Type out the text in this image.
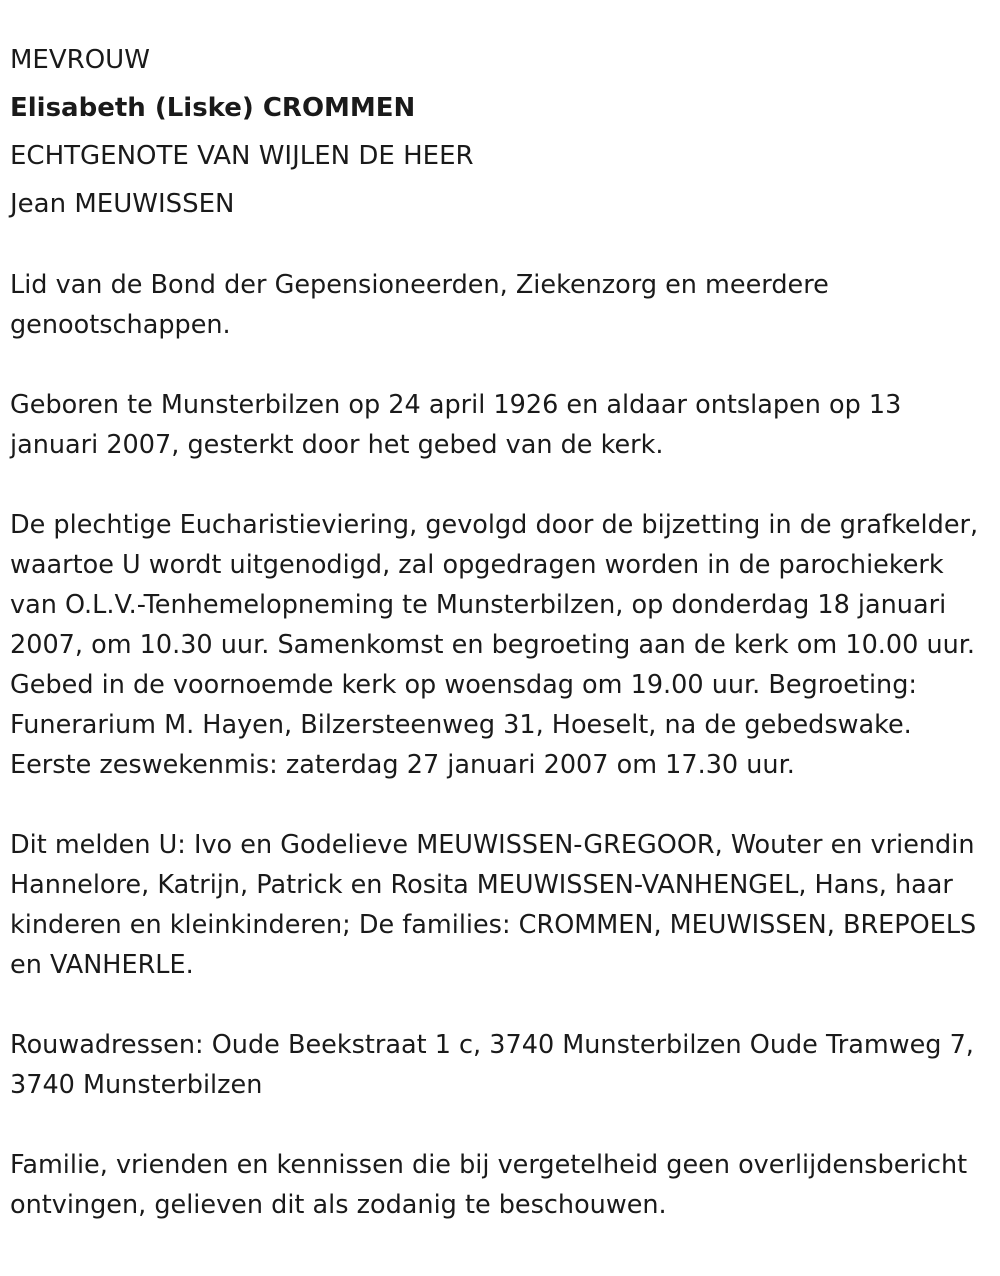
MEVROUW

Elisabeth (Liske) CROMMEN

ECHTGENOTE VAN WIJLEN DE HEER

Jean MEUWISSEN

Lid van de Bond der Gepensioneerden, Ziekenzorg en meerdere genootschappen.

Geboren te Munsterbilzen op 24 april 1926 en aldaar ontslapen op 13 januari 2007, gesterkt door het gebed van de kerk.

De plechtige Eucharistieviering, gevolgd door de bijzetting in de grafkelder, waartoe U wordt uitgenodigd, zal opgedragen worden in de parochiekerk van O.L.V.-Tenhemelopneming te Munsterbilzen, op donderdag 18 januari 2007, om 10.30 uur. Samenkomst en begroeting aan de kerk om 10.00 uur. Gebed in de voornoemde kerk op woensdag om 19.00 uur. Begroeting: Funerarium M. Hayen, Bilzersteenweg 31, Hoeselt, na de gebedswake. Eerste zeswekenmis: zaterdag 27 januari 2007 om 17.30 uur.

Dit melden U: Ivo en Godelieve MEUWISSEN-GREGOOR, Wouter en vriendin Hannelore, Katrijn, Patrick en Rosita MEUWISSEN-VANHENGEL, Hans, haar kinderen en kleinkinderen; De families: CROMMEN, MEUWISSEN, BREPOELS en VANHERLE.

Rouwadressen: Oude Beekstraat 1 c, 3740 Munsterbilzen Oude Tramweg 7, 3740 Munsterbilzen

Familie, vrienden en kennissen die bij vergetelheid geen overlijdensbericht ontvingen, gelieven dit als zodanig te beschouwen.
